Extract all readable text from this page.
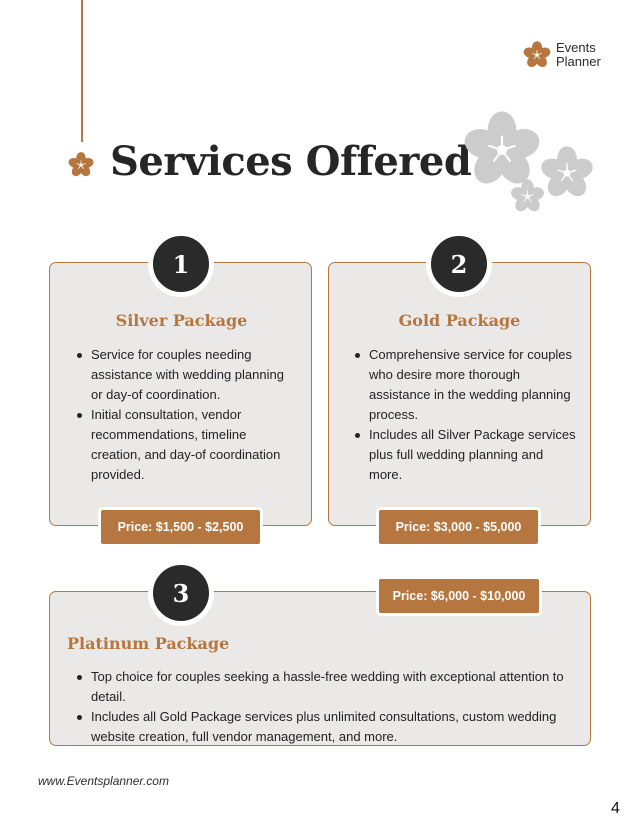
Services Offered
Events
Planner
1
Silver Package
Service for couples needing assistance with wedding planning or day-of coordination.
Initial consultation, vendor recommendations, timeline creation, and day-of coordination provided.
Price: $1,500 - $2,500
2
Gold Package
Comprehensive service for couples who desire more thorough assistance in the wedding planning process.
Includes all Silver Package services plus full wedding planning and more.
Price: $3,000 - $5,000
3	Price: $6,000 - $10,000
Platinum Package
Top choice for couples seeking a hassle-free wedding with exceptional attention to detail.
Includes all Gold Package services plus unlimited consultations, custom wedding website creation, full vendor management, and more.
www.Eventsplanner.com
4
